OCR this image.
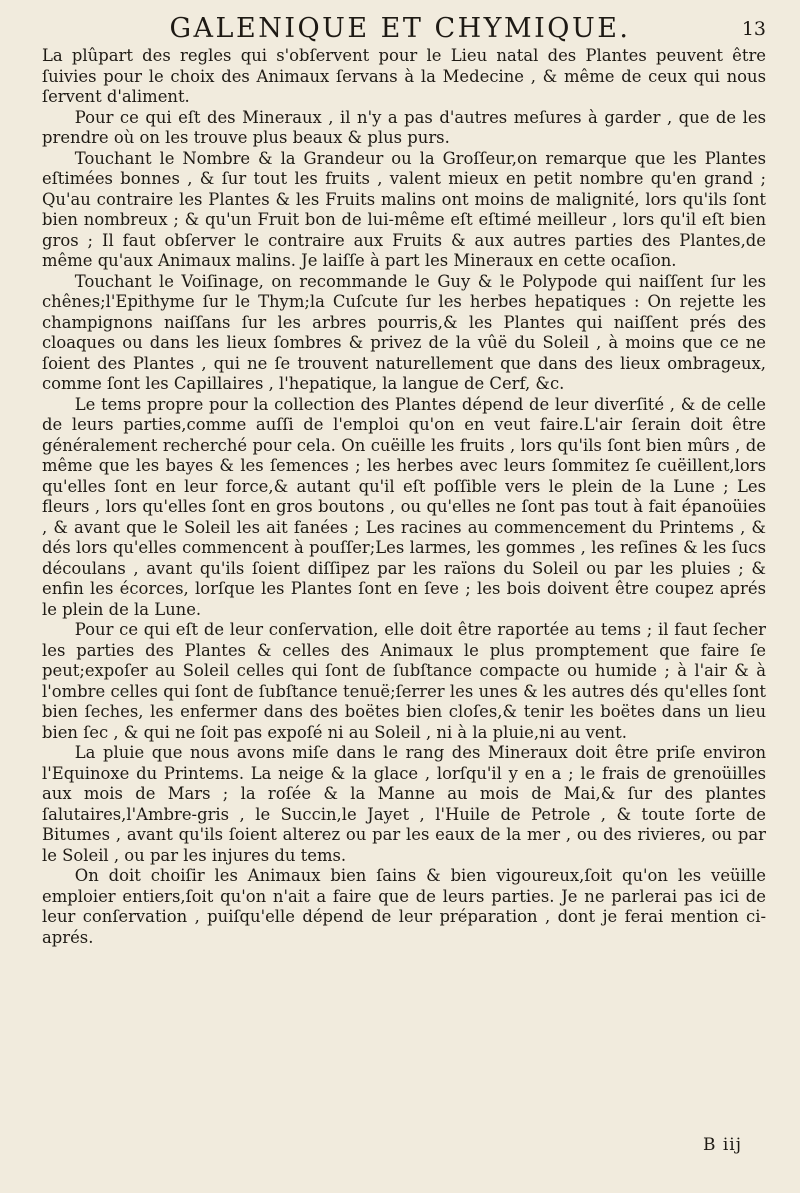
GALENIQUE ET CHYMIQUE.	13

La plûpart des regles qui s'obſervent pour le Lieu natal des Plantes peuvent être ſuivies pour le choix des Animaux ſervans à la Medecine , & même de ceux qui nous ſervent d'aliment.

Pour ce qui eſt des Mineraux , il n'y a pas d'autres meſures à garder , que de les prendre où on les trouve plus beaux & plus purs.

Touchant le Nombre & la Grandeur ou la Groſſeur,on remarque que les Plantes eſtimées bonnes , & ſur tout les fruits , valent mieux en petit nombre qu'en grand ; Qu'au contraire les Plantes & les Fruits malins ont moins de malignité, lors qu'ils ſont bien nombreux ; & qu'un Fruit bon de lui-même eſt eſtimé meilleur , lors qu'il eſt bien gros ; Il faut obſerver le contraire aux Fruits & aux autres parties des Plantes,de même qu'aux Animaux malins. Je laiſſe à part les Mineraux en cette ocaſion.

Touchant le Voiſinage, on recommande le Guy & le Polypode qui naiſſent ſur les chênes;l'Epithyme ſur le Thym;la Cuſcute ſur les herbes hepatiques : On rejette les champignons naiſſans ſur les arbres pourris,& les Plantes qui naiſſent prés des cloaques ou dans les lieux ſombres & privez de la vûë du Soleil , à moins que ce ne ſoient des Plantes , qui ne ſe trouvent naturellement que dans des lieux ombrageux, comme ſont les Capillaires , l'hepatique, la langue de Cerf, &c.

Le tems propre pour la collection des Plantes dépend de leur diverſité , & de celle de leurs parties,comme auſſi de l'emploi qu'on en veut faire.L'air ſerain doit être généralement recherché pour cela. On cuëille les fruits , lors qu'ils ſont bien mûrs , de même que les bayes & les ſemences ; les herbes avec leurs ſommitez ſe cuëillent,lors qu'elles ſont en leur force,& autant qu'il eſt poſſible vers le plein de la Lune ; Les fleurs , lors qu'elles ſont en gros boutons , ou qu'elles ne ſont pas tout à fait épanoüies , & avant que le Soleil les ait fanées ; Les racines au commencement du Printems , & dés lors qu'elles commencent à pouſſer;Les larmes, les gommes , les reſines & les ſucs découlans , avant qu'ils ſoient diſſipez par les raïons du Soleil ou par les pluies ; & enfin les écorces, lorſque les Plantes ſont en ſeve ; les bois doivent être coupez aprés le plein de la Lune.

Pour ce qui eſt de leur conſervation, elle doit être raportée au tems ; il faut ſecher les parties des Plantes & celles des Animaux le plus promptement que faire ſe peut;expoſer au Soleil celles qui ſont de ſubſtance compacte ou humide ; à l'air & à l'ombre celles qui ſont de ſubſtance tenuë;ſerrer les unes & les autres dés qu'elles ſont bien ſeches, les enfermer dans des boëtes bien cloſes,& tenir les boëtes dans un lieu bien ſec , & qui ne ſoit pas expoſé ni au Soleil , ni à la pluie,ni au vent.

La pluie que nous avons miſe dans le rang des Mineraux doit être priſe environ l'Equinoxe du Printems. La neige & la glace , lorſqu'il y en a ; le frais de grenoüilles aux mois de Mars ; la roſée & la Manne au mois de Mai,& ſur des plantes ſalutaires,l'Ambre-gris , le Succin,le Jayet , l'Huile de Petrole , & toute ſorte de Bitumes , avant qu'ils ſoient alterez ou par les eaux de la mer , ou des rivieres, ou par le Soleil , ou par les injures du tems.

On doit choiſir les Animaux bien ſains & bien vigoureux,ſoit qu'on les veüille emploier entiers,ſoit qu'on n'ait a faire que de leurs parties. Je ne parlerai pas ici de leur conſervation , puiſqu'elle dépend de leur préparation , dont je ferai mention ci-aprés.

B iij
